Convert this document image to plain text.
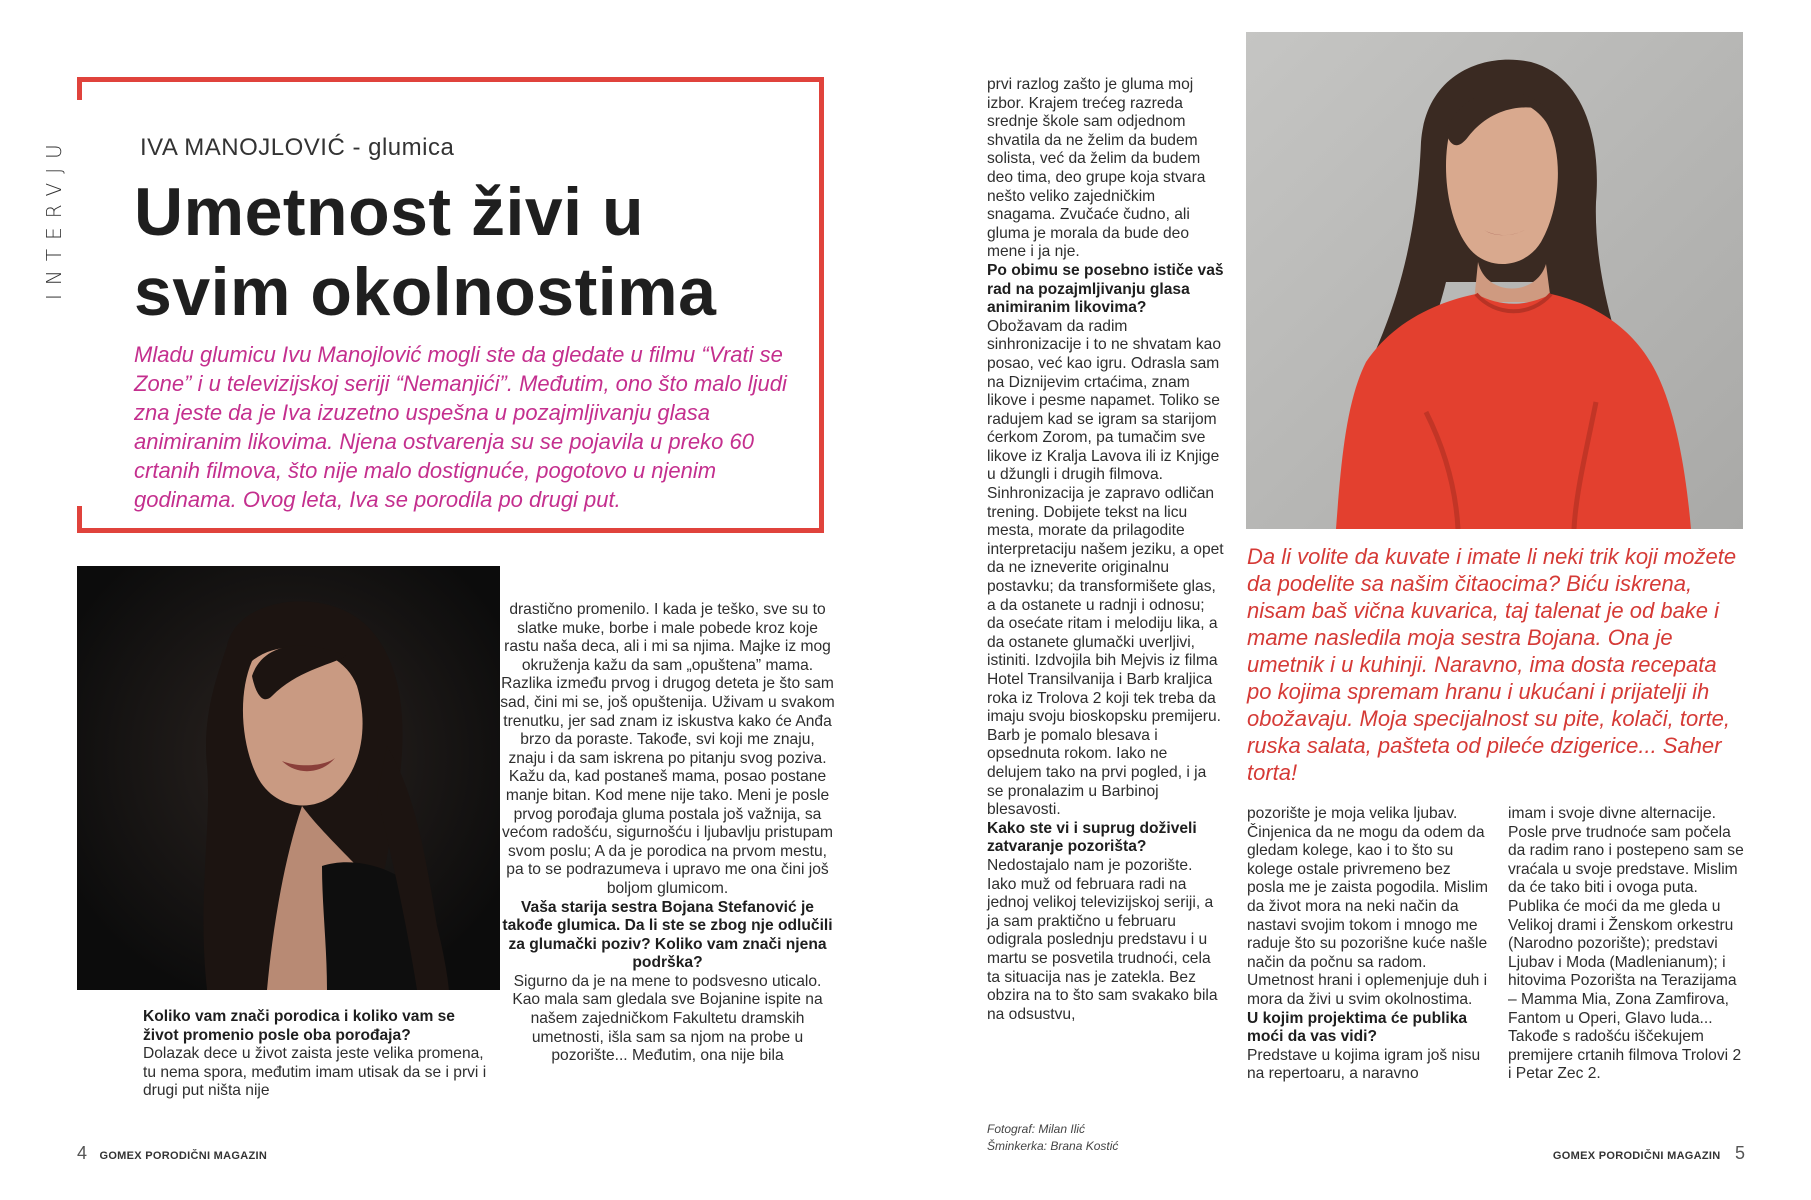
INTERVJU	IVA MANOJLOVIĆ - glumica
Umetnost živi u
svim okolnostima
Mladu glumicu Ivu Manojlović mogli ste da gledate u filmu “Vrati se Zone” i u televizijskoj seriji “Nemanjići”. Međutim, ono što malo ljudi zna jeste da je Iva izuzetno uspešna u pozajmljivanju glasa animiranim likovima. Njena ostvarenja su se pojavila u preko 60 crtanih filmova, što nije malo dostignuće, pogotovo u njenim godinama. Ovog leta, Iva se porodila po drugi put.

Koliko vam znači porodica i koliko vam se život promenio posle oba porođaja?

Dolazak dece u život zaista jeste velika promena, tu nema spora, međutim imam utisak da se i prvi i drugi put ništa nije

drastično promenilo. I kada je teško, sve su to slatke muke, borbe i male pobede kroz koje rastu naša deca, ali i mi sa njima. Majke iz mog okruženja kažu da sam „opuštena” mama. Razlika između prvog i drugog deteta je što sam sad, čini mi se, još opuštenija. Uživam u svakom trenutku, jer sad znam iz iskustva kako će Anđa brzo da poraste. Takođe, svi koji me znaju, znaju i da sam iskrena po pitanju svog poziva. Kažu da, kad postaneš mama, posao postane manje bitan. Kod mene nije tako. Meni je posle prvog porođaja gluma postala još važnija, sa većom radošću, sigurnošću i ljubavlju pristupam svom poslu; A da je porodica na prvom mestu, pa to se podrazumeva i upravo me ona čini još boljom glumicom.

Vaša starija sestra Bojana Stefanović je takođe glumica. Da li ste se zbog nje odlučili za glumački poziv? Koliko vam znači njena podrška?

Sigurno da je na mene to podsvesno uticalo. Kao mala sam gledala sve Bojanine ispite na našem zajedničkom Fakultetu dramskih umetnosti, išla sam sa njom na probe u pozorište... Međutim, ona nije bila

4 GOMEX PORODIČNI MAGAZIN

prvi razlog zašto je gluma moj izbor. Krajem trećeg razreda srednje škole sam odjednom shvatila da ne želim da budem solista, već da želim da budem deo tima, deo grupe koja stvara nešto veliko zajedničkim snagama. Zvučaće čudno, ali gluma je morala da bude deo mene i ja nje.

Po obimu se posebno ističe vaš rad na pozajmljivanju glasa animiranim likovima?

Obožavam da radim sinhronizacije i to ne shvatam kao posao, već kao igru. Odrasla sam na Diznijevim crtaćima, znam likove i pesme napamet. Toliko se radujem kad se igram sa starijom ćerkom Zorom, pa tumačim sve likove iz Kralja Lavova ili iz Knjige u džungli i drugih filmova. Sinhronizacija je zapravo odličan trening. Dobijete tekst na licu mesta, morate da prilagodite interpretaciju našem jeziku, a opet da ne izneverite originalnu postavku; da transformišete glas, a da ostanete u radnji i odnosu; da osećate ritam i melodiju lika, a da ostanete glumački uverljivi, istiniti. Izdvojila bih Mejvis iz filma Hotel Transilvanija i Barb kraljica roka iz Trolova 2 koji tek treba da imaju svoju bioskopsku premijeru. Barb je pomalo blesava i opsednuta rokom. Iako ne delujem tako na prvi pogled, i ja se pronalazim u Barbinoj blesavosti.

Kako ste vi i suprug doživeli zatvaranje pozorišta?

Nedostajalo nam je pozorište. Iako muž od februara radi na jednoj velikoj televizijskoj seriji, a ja sam praktično u februaru odigrala poslednju predstavu i u martu se posvetila trudnoći, cela ta situacija nas je zatekla. Bez obzira na to što sam svakako bila na odsustvu,

Da li volite da kuvate i imate li neki trik koji možete da podelite sa našim čitaocima? Biću iskrena, nisam baš vična kuvarica, taj talenat je od bake i mame nasledila moja sestra Bojana. Ona je umetnik i u kuhinji. Naravno, ima dosta recepata po kojima spremam hranu i ukućani i prijatelji ih obožavaju. Moja specijalnost su pite, kolači, torte, ruska salata, pašteta od pileće dzigerice... Saher torta!

pozorište je moja velika ljubav. Činjenica da ne mogu da odem da gledam kolege, kao i to što su kolege ostale privremeno bez posla me je zaista pogodila. Mislim da život mora na neki način da nastavi svojim tokom i mnogo me raduje što su pozorišne kuće našle način da počnu sa radom. Umetnost hrani i oplemenjuje duh i mora da živi u svim okolnostima.

U kojim projektima će publika moći da vas vidi?

Predstave u kojima igram još nisu na repertoaru, a naravno

imam i svoje divne alternacije. Posle prve trudnoće sam počela da radim rano i postepeno sam se vraćala u svoje predstave. Mislim da će tako biti i ovoga puta. Publika će moći da me gleda u Velikoj drami i Ženskom orkestru (Narodno pozorište); predstavi Ljubav i Moda (Madlenianum); i hitovima Pozorišta na Terazijama – Mamma Mia, Zona Zamfirova, Fantom u Operi, Glavo luda... Takođe s radošću iščekujem premijere crtanih filmova Trolovi 2 i Petar Zec 2.

Fotograf: Milan Ilić
Šminkerka: Brana Kostić
GOMEX PORODIČNI MAGAZIN 5
